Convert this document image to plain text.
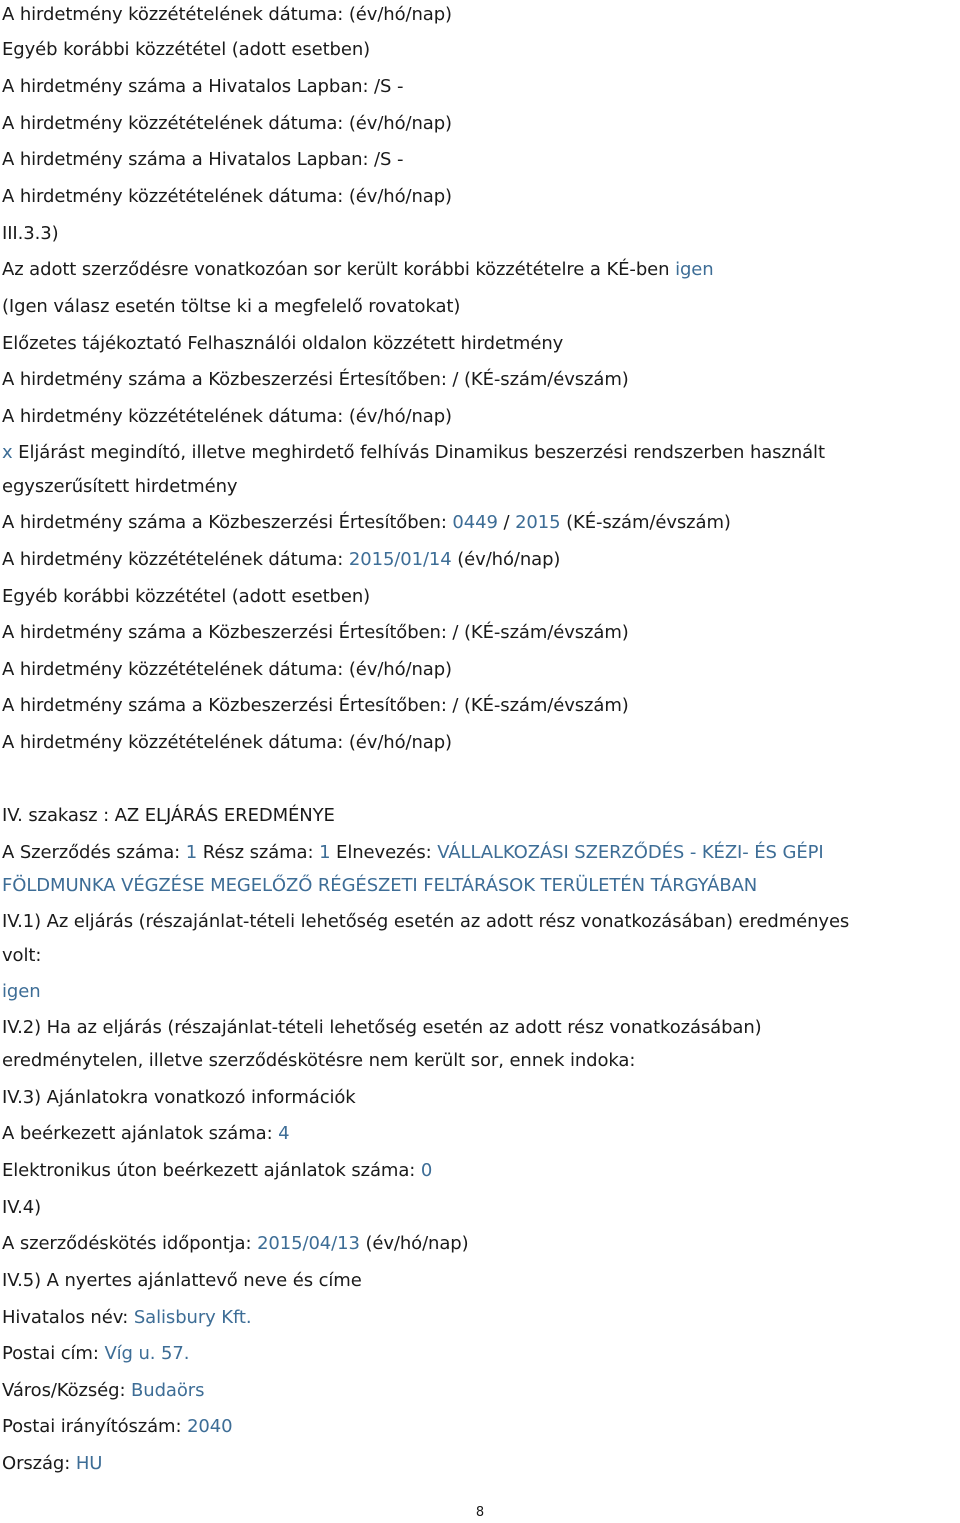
A hirdetmény közzétételének dátuma: (év/hó/nap)
Egyéb korábbi közzététel (adott esetben)
A hirdetmény száma a Hivatalos Lapban: /S -
A hirdetmény közzétételének dátuma: (év/hó/nap)
A hirdetmény száma a Hivatalos Lapban: /S -
A hirdetmény közzétételének dátuma: (év/hó/nap)
III.3.3)
Az adott szerződésre vonatkozóan sor került korábbi közzétételre a KÉ-ben igen
(Igen válasz esetén töltse ki a megfelelő rovatokat)
Előzetes tájékoztató Felhasználói oldalon közzétett hirdetmény
A hirdetmény száma a Közbeszerzési Értesítőben: / (KÉ-szám/évszám)
A hirdetmény közzétételének dátuma: (év/hó/nap)
x Eljárást megindító, illetve meghirdető felhívás Dinamikus beszerzési rendszerben használt
egyszerűsített hirdetmény
A hirdetmény száma a Közbeszerzési Értesítőben: 0449 / 2015 (KÉ-szám/évszám)
A hirdetmény közzétételének dátuma: 2015/01/14 (év/hó/nap)
Egyéb korábbi közzététel (adott esetben)
A hirdetmény száma a Közbeszerzési Értesítőben: / (KÉ-szám/évszám)
A hirdetmény közzétételének dátuma: (év/hó/nap)
A hirdetmény száma a Közbeszerzési Értesítőben: / (KÉ-szám/évszám)
A hirdetmény közzétételének dátuma: (év/hó/nap)
IV. szakasz : AZ ELJÁRÁS EREDMÉNYE
A Szerződés száma: 1 Rész száma: 1 Elnevezés: VÁLLALKOZÁSI SZERZŐDÉS - KÉZI- ÉS GÉPI
FÖLDMUNKA VÉGZÉSE MEGELŐZŐ RÉGÉSZETI FELTÁRÁSOK TERÜLETÉN TÁRGYÁBAN
IV.1) Az eljárás (részajánlat-tételi lehetőség esetén az adott rész vonatkozásában) eredményes
volt:
igen
IV.2) Ha az eljárás (részajánlat-tételi lehetőség esetén az adott rész vonatkozásában)
eredménytelen, illetve szerződéskötésre nem került sor, ennek indoka:
IV.3) Ajánlatokra vonatkozó információk
A beérkezett ajánlatok száma: 4
Elektronikus úton beérkezett ajánlatok száma: 0
IV.4)
A szerződéskötés időpontja: 2015/04/13 (év/hó/nap)
IV.5) A nyertes ajánlattevő neve és címe
Hivatalos név: Salisbury Kft.
Postai cím: Víg u. 57.
Város/Község: Budaörs
Postai irányítószám: 2040
Ország: HU
8
